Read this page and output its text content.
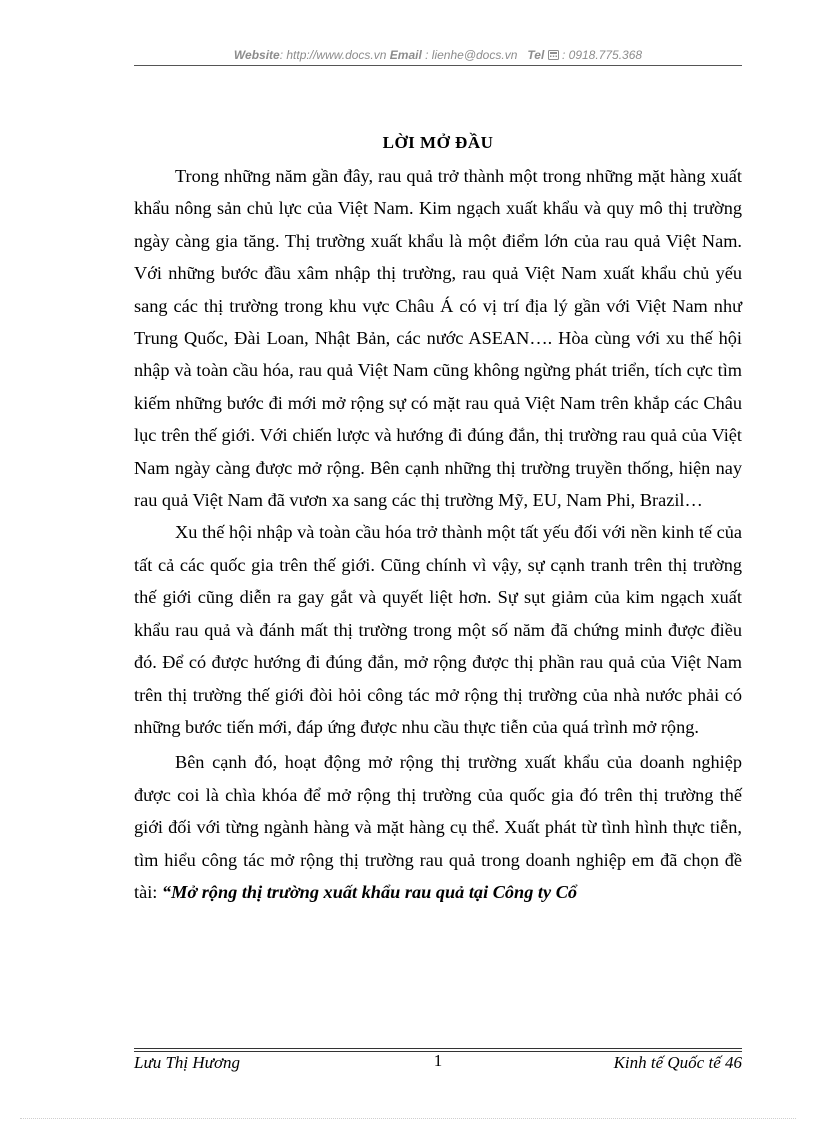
Website: http://www.docs.vn Email : lienhe@docs.vn Tel : 0918.775.368
LỜI MỞ ĐẦU

Trong những năm gần đây, rau quả trở thành một trong những mặt hàng xuất khẩu nông sản chủ lực của Việt Nam. Kim ngạch xuất khẩu và quy mô thị trường ngày càng gia tăng. Thị trường xuất khẩu là một điểm lớn của rau quả Việt Nam. Với những bước đầu xâm nhập thị trường, rau quả Việt Nam xuất khẩu chủ yếu sang các thị trường trong khu vực Châu Á có vị trí địa lý gần với Việt Nam như Trung Quốc, Đài Loan, Nhật Bản, các nước ASEAN…. Hòa cùng với xu thế hội nhập và toàn cầu hóa, rau quả Việt Nam cũng không ngừng phát triển, tích cực tìm kiếm những bước đi mới mở rộng sự có mặt rau quả Việt Nam trên khắp các Châu lục trên thế giới. Với chiến lược và hướng đi đúng đắn, thị trường rau quả của Việt Nam ngày càng được mở rộng. Bên cạnh những thị trường truyền thống, hiện nay rau quả Việt Nam đã vươn xa sang các thị trường Mỹ, EU, Nam Phi, Brazil…

Xu thế hội nhập và toàn cầu hóa trở thành một tất yếu đối với nền kinh tế của tất cả các quốc gia trên thế giới. Cũng chính vì vậy, sự cạnh tranh trên thị trường thế giới cũng diễn ra gay gắt và quyết liệt hơn. Sự sụt giảm của kim ngạch xuất khẩu rau quả và đánh mất thị trường trong một số năm đã chứng minh được điều đó. Để có được hướng đi đúng đắn, mở rộng được thị phần rau quả của Việt Nam trên thị trường thế giới đòi hỏi công tác mở rộng thị trường của nhà nước phải có những bước tiến mới, đáp ứng được nhu cầu thực tiễn của quá trình mở rộng.

Bên cạnh đó, hoạt động mở rộng thị trường xuất khẩu của doanh nghiệp được coi là chìa khóa để mở rộng thị trường của quốc gia đó trên thị trường thế giới đối với từng ngành hàng và mặt hàng cụ thể. Xuất phát từ tình hình thực tiễn, tìm hiểu công tác mở rộng thị trường rau quả trong doanh nghiệp em đã chọn đề tài: “Mở rộng thị trường xuất khẩu rau quả tại Công ty Cổ

Lưu Thị Hương	1	Kinh tế Quốc tế 46
